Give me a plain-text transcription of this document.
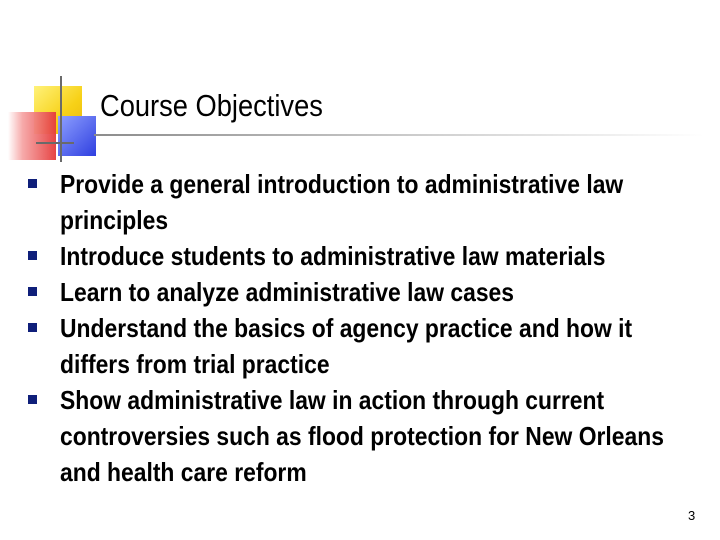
Course Objectives
Provide a general introduction to administrative law principles
Introduce students to administrative law materials
Learn to analyze administrative law cases
Understand the basics of agency practice and how it differs from trial practice
Show administrative law in action through current controversies such as flood protection for New Orleans and health care reform
3
